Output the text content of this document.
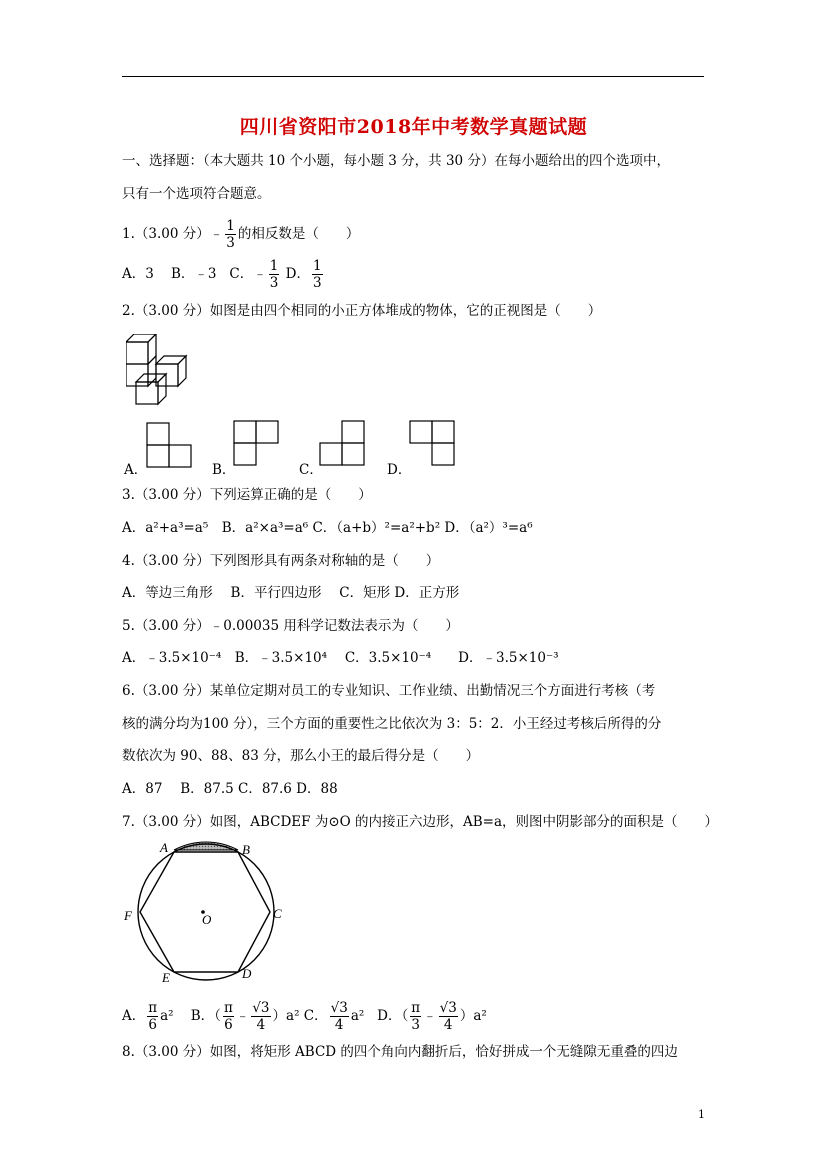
四川省资阳市2018年中考数学真题试题
一、选择题：（本大题共 10 个小题，每小题 3 分，共 30 分）在每小题给出的四个选项中，
只有一个选项符合题意。
1.（3.00 分）﹣ $\frac{1}{3}$ 的相反数是（　　）
A．3 B．﹣3 C．﹣ $\frac{1}{3}$ D． $\frac{1}{3}$
2.（3.00 分）如图是由四个相同的小正方体堆成的物体，它的正视图是（　　）
A．	B．	C．	D．
3.（3.00 分）下列运算正确的是（　　）
A．a²+a³=a⁵　B．a²×a³=a⁶ C．（a+b）²=a²+b² D．（a²）³=a⁶
4.（3.00 分）下列图形具有两条对称轴的是（　　）
A．等边三角形　 B．平行四边形　 C．矩形 D．正方形
5.（3.00 分）﹣0.00035 用科学记数法表示为（　　）
A．﹣3.5×10⁻⁴　B．﹣3.5×10⁴　 C．3.5×10⁻⁴　　D．﹣3.5×10⁻³
6.（3.00 分）某单位定期对员工的专业知识、工作业绩、出勤情况三个方面进行考核（考
核的满分均为100 分），三个方面的重要性之比依次为 3：5：2．小王经过考核后所得的分
数依次为 90、88、83 分，那么小王的最后得分是（　　）
A．87　 B．87.5 C．87.6 D．88
7.（3.00 分）如图，ABCDEF 为⊙O 的内接正六边形，AB=a，则图中阴影部分的面积是（　　）
A	B
C
D
E
F	O
A． $\frac{\pi}{6} a^2$ B．（ $\frac{\pi}{6}$ ﹣ $\frac{√3}{4} )a^2$ C． $\frac{√3}{4} a^2$ D．（ $\frac{\pi}{3}$ ﹣ $\frac{√3}{4} )a^2$
8.（3.00 分）如图，将矩形 ABCD 的四个角向内翻折后，恰好拼成一个无缝隙无重叠的四边
1
